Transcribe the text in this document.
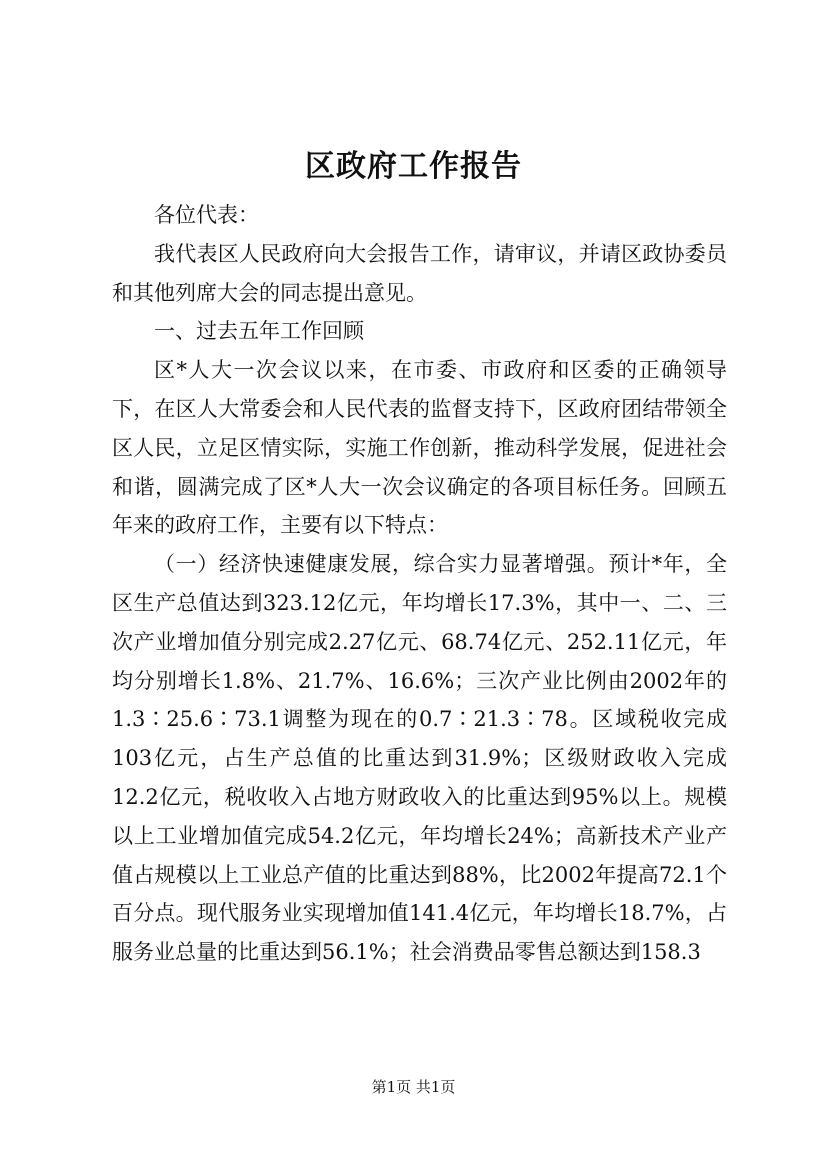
区政府工作报告

各位代表：

我代表区人民政府向大会报告工作，请审议，并请区政协委员和其他列席大会的同志提出意见。

一、过去五年工作回顾

区*人大一次会议以来，在市委、市政府和区委的正确领导下，在区人大常委会和人民代表的监督支持下，区政府团结带领全区人民，立足区情实际，实施工作创新，推动科学发展，促进社会和谐，圆满完成了区*人大一次会议确定的各项目标任务。回顾五年来的政府工作，主要有以下特点：

（一）经济快速健康发展，综合实力显著增强。预计*年，全区生产总值达到323.12亿元，年均增长17.3%，其中一、二、三次产业增加值分别完成2.27亿元、68.74亿元、252.11亿元，年均分别增长1.8%、21.7%、16.6%；三次产业比例由2002年的1.3∶25.6∶73.1调整为现在的0.7∶21.3∶78。区域税收完成103亿元，占生产总值的比重达到31.9%；区级财政收入完成12.2亿元，税收收入占地方财政收入的比重达到95%以上。规模以上工业增加值完成54.2亿元，年均增长24%；高新技术产业产值占规模以上工业总产值的比重达到88%，比2002年提高72.1个百分点。现代服务业实现增加值141.4亿元，年均增长18.7%，占服务业总量的比重达到56.1%；社会消费品零售总额达到158.3

第1页 共1页
